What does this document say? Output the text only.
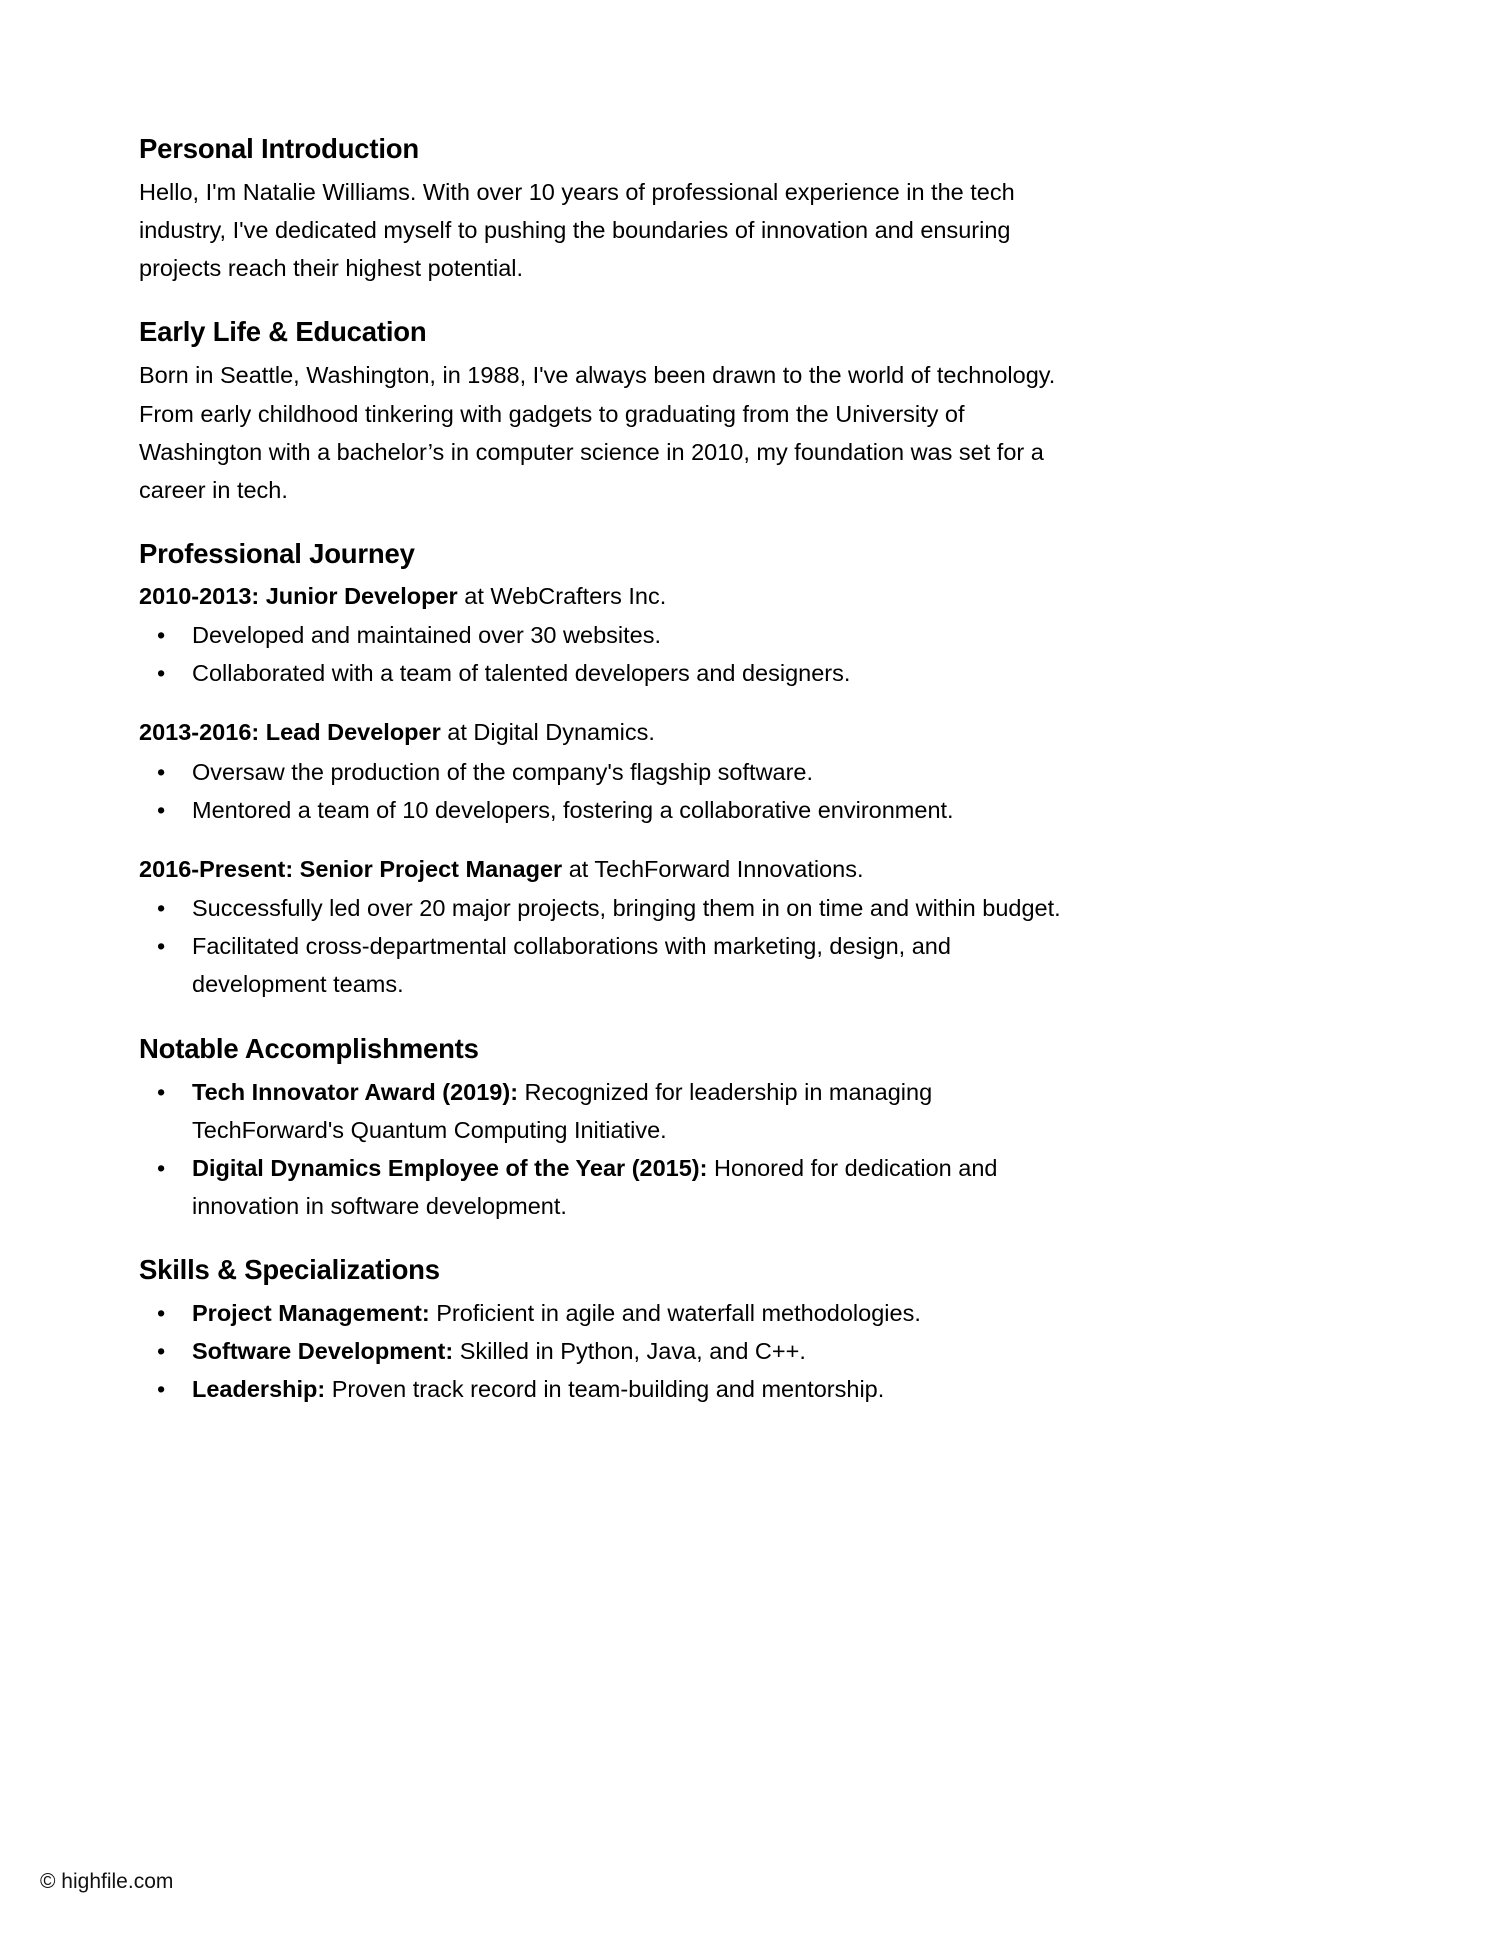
Personal Introduction

Hello, I'm Natalie Williams. With over 10 years of professional experience in the tech industry, I've dedicated myself to pushing the boundaries of innovation and ensuring projects reach their highest potential.

Early Life & Education

Born in Seattle, Washington, in 1988, I've always been drawn to the world of technology. From early childhood tinkering with gadgets to graduating from the University of Washington with a bachelor’s in computer science in 2010, my foundation was set for a career in tech.

Professional Journey

2010-2013: Junior Developer at WebCrafters Inc.

• Developed and maintained over 30 websites.
• Collaborated with a team of talented developers and designers.

2013-2016: Lead Developer at Digital Dynamics.

• Oversaw the production of the company's flagship software.
• Mentored a team of 10 developers, fostering a collaborative environment.

2016-Present: Senior Project Manager at TechForward Innovations.

• Successfully led over 20 major projects, bringing them in on time and within budget.
• Facilitated cross-departmental collaborations with marketing, design, and development teams.
Notable Accomplishments
• Tech Innovator Award (2019): Recognized for leadership in managing TechForward's Quantum Computing Initiative.
• Digital Dynamics Employee of the Year (2015): Honored for dedication and innovation in software development.
Skills & Specializations
• Project Management: Proficient in agile and waterfall methodologies.
• Software Development: Skilled in Python, Java, and C++.
• Leadership: Proven track record in team-building and mentorship.
© highfile.com
